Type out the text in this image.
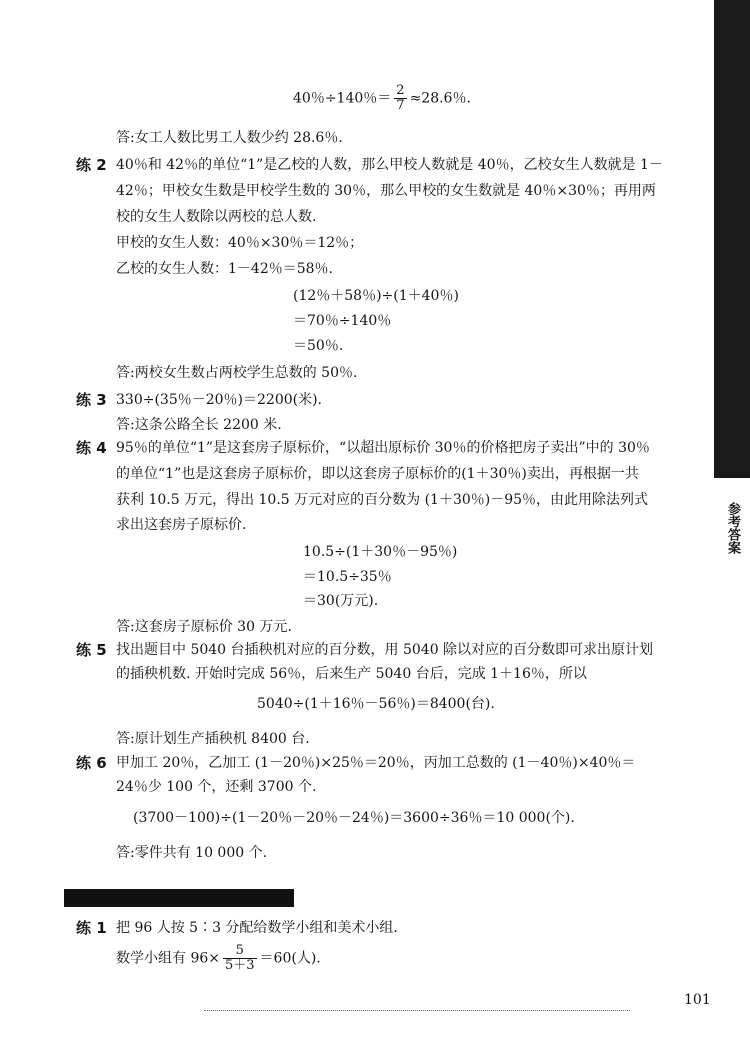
参考答案
40％÷140％＝ $\frac{2}{7} \approx 28.6$％.
答:女工人数比男工人数少约 28.6％.
练 2 40％和 42％的单位“1”是乙校的人数，那么甲校人数就是 40％，乙校女生人数就是 1－
42％；甲校女生数是甲校学生数的 30％，那么甲校的女生数就是 40％×30％；再用两
校的女生人数除以两校的总人数.
甲校的女生人数：40％×30％＝12％；
乙校的女生人数：1－42％＝58％.
(12％＋58％)÷(1＋40％)
＝70％÷140％
＝50％.
答:两校女生数占两校学生总数的 50％.
练 3 330÷(35％－20％)＝2200(米).
答:这条公路全长 2200 米.
练 4 95％的单位“1”是这套房子原标价，“以超出原标价 30％的价格把房子卖出”中的 30％
的单位“1”也是这套房子原标价，即以这套房子原标价的(1＋30％)卖出，再根据一共
获利 10.5 万元，得出 10.5 万元对应的百分数为 (1＋30％)－95％，由此用除法列式
求出这套房子原标价.
10.5÷(1＋30％－95％)
＝10.5÷35％
＝30(万元).
答:这套房子原标价 30 万元.
练 5 找出题目中 5040 台插秧机对应的百分数，用 5040 除以对应的百分数即可求出原计划
的插秧机数. 开始时完成 56％，后来生产 5040 台后，完成 1＋16％，所以
5040÷(1＋16％－56％)＝8400(台).
答:原计划生产插秧机 8400 台.
练 6 甲加工 20％，乙加工 (1－20％)×25％＝20％，丙加工总数的 (1－40％)×40％＝
24％少 100 个，还剩 3700 个.
(3700－100)÷(1－20％－20％－24％)＝3600÷36％＝10 000(个).
答:零件共有 10 000 个.
练 1 把 96 人按 5∶3 分配给数学小组和美术小组.
数学小组有 $96\times \frac{5}{5+3} =60$(人).
101
